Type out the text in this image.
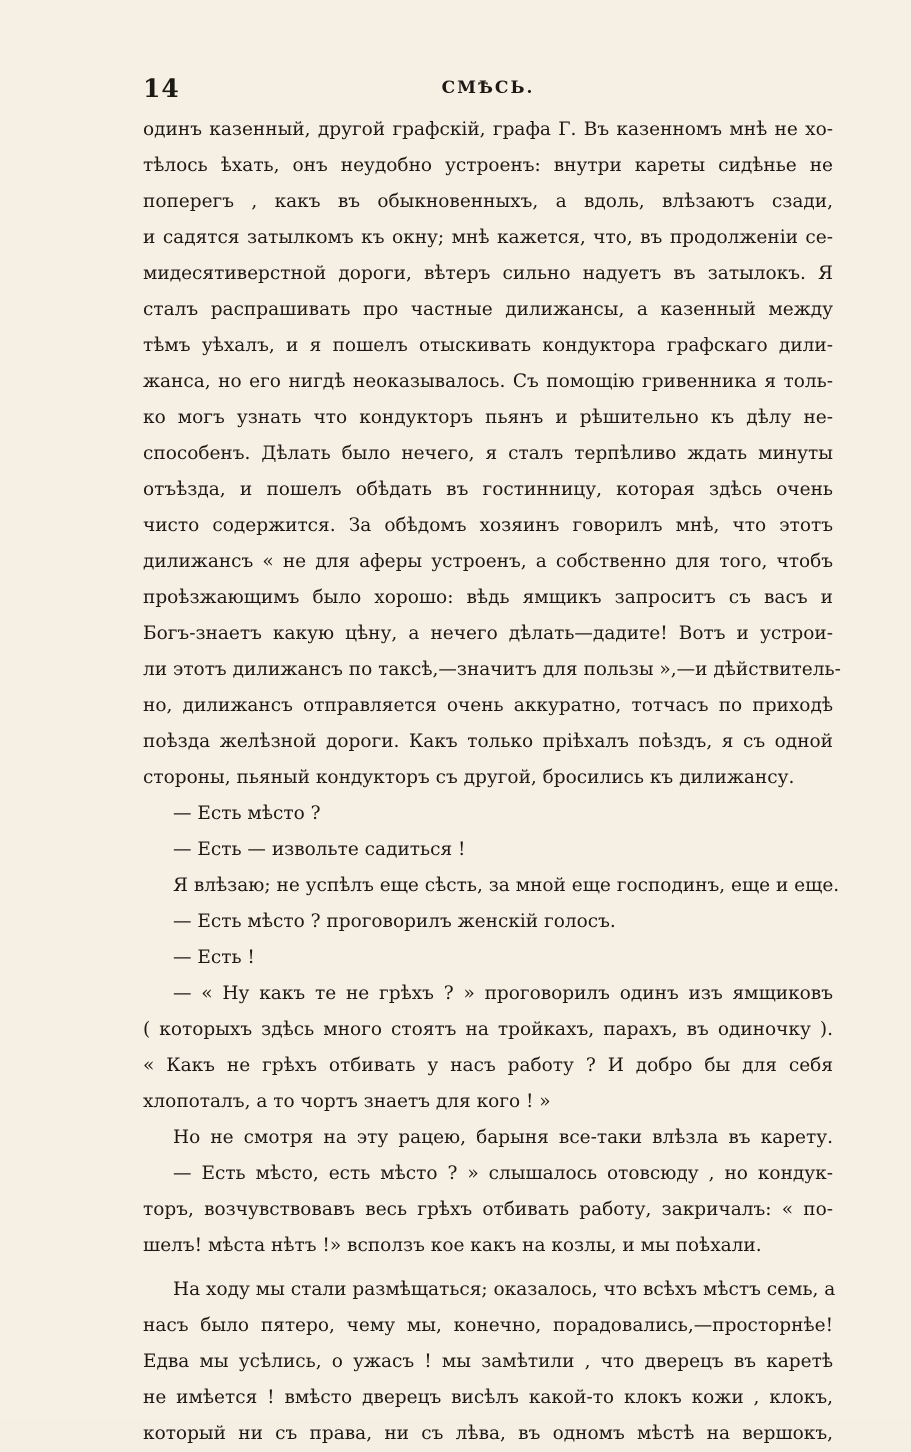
14	СМѢСЬ.
одинъ казенный, другой графскій, графа Г. Въ казенномъ мнѣ не хо-
тѣлось ѣхать, онъ неудобно устроенъ: внутри кареты сидѣнье не
поперегъ , какъ въ обыкновенныхъ, а вдоль, влѣзаютъ сзади,
и садятся затылкомъ къ окну; мнѣ кажется, что, въ продолженіи се-
мидесятиверстной дороги, вѣтеръ сильно надуетъ въ затылокъ. Я
сталъ распрашивать про частные дилижансы, а казенный между
тѣмъ уѣхалъ, и я пошелъ отыскивать кондуктора графскаго дили-
жанса, но его нигдѣ неоказывалось. Съ помощію гривенника я толь-
ко могъ узнать что кондукторъ пьянъ и рѣшительно къ дѣлу не-
способенъ. Дѣлать было нечего, я сталъ терпѣливо ждать минуты
отъѣзда, и пошелъ обѣдать въ гостинницу, которая здѣсь очень
чисто содержится. За обѣдомъ хозяинъ говорилъ мнѣ, что этотъ
дилижансъ « не для аферы устроенъ, а собственно для того, чтобъ
проѣзжающимъ было хорошо: вѣдь ямщикъ запроситъ съ васъ и
Богъ-знаетъ какую цѣну, а нечего дѣлать—дадите! Вотъ и устрои-
ли этотъ дилижансъ по таксѣ,—значитъ для пользы »,—и дѣйствитель-
но, дилижансъ отправляется очень аккуратно, тотчасъ по приходѣ
поѣзда желѣзной дороги. Какъ только пріѣхалъ поѣздъ, я съ одной
стороны, пьяный кондукторъ съ другой, бросились къ дилижансу.
— Есть мѣсто ?
— Есть — извольте садиться !
Я влѣзаю; не успѣлъ еще сѣсть, за мной еще господинъ, еще и еще.
— Есть мѣсто ? проговорилъ женскій голосъ.
— Есть !
— « Ну какъ те не грѣхъ ? » проговорилъ одинъ изъ ямщиковъ
( которыхъ здѣсь много стоятъ на тройкахъ, парахъ, въ одиночку ).
« Какъ не грѣхъ отбивать у насъ работу ? И добро бы для себя
хлопоталъ, а то чортъ знаетъ для кого ! »
Но не смотря на эту рацею, барыня все-таки влѣзла въ карету.
— Есть мѣсто, есть мѣсто ? » слышалось отовсюду , но кондук-
торъ, возчувствовавъ весь грѣхъ отбивать работу, закричалъ: « по-
шелъ! мѣста нѣтъ !» всползъ кое какъ на козлы, и мы поѣхали.
На ходу мы стали размѣщаться; оказалось, что всѣхъ мѣстъ семь, а
насъ было пятеро, чему мы, конечно, порадовались,—просторнѣе!
Едва мы усѣлись, о ужасъ ! мы замѣтили , что дверецъ въ каретѣ
не имѣется ! вмѣсто дверецъ висѣлъ какой-то клокъ кожи , клокъ,
который ни съ права, ни съ лѣва, въ одномъ мѣстѣ на вершокъ,
